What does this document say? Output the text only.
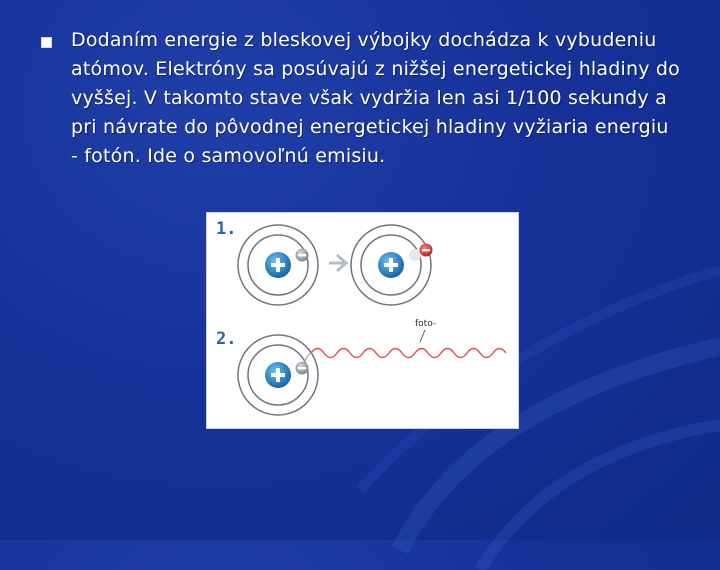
Dodaním energie z bleskovej výbojky dochádza k vybudeniu atómov. Elektróny sa posúvajú z nižšej energetickej hladiny do vyššej. V takomto stave však vydržia len asi 1/100 sekundy a pri návrate do pôvodnej energetickej hladiny vyžiaria energiu - fotón. Ide o samovoľnú emisiu.

1.
2.
foto-
